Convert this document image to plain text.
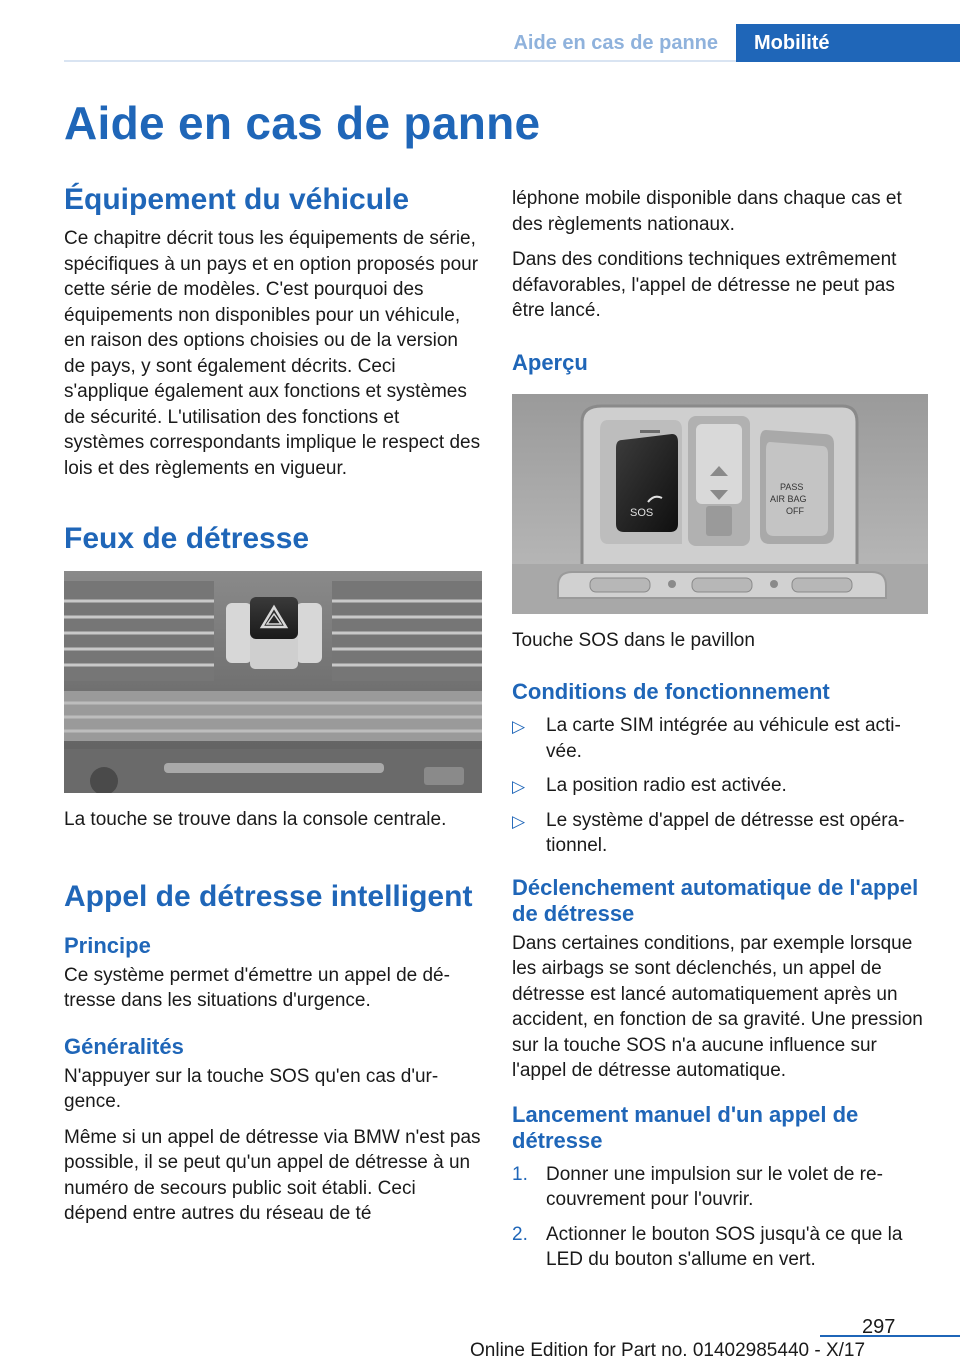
Aide en cas de panne	Mobilité
Aide en cas de panne
Équipement du véhicule

Ce chapitre décrit tous les équipements de série, spécifiques à un pays et en option proposés pour cette série de modèles. C'est pourquoi des équipements non disponibles pour un véhicule, en raison des options choisies ou de la version de pays, y sont également décrits. Ceci s'applique également aux fonctions et systèmes de sécurité. L'utilisation des fonctions et systèmes correspondants implique le respect des lois et des règlements en vigueur.

Feux de détresse

La touche se trouve dans la console centrale.

Appel de détresse intelligent
Principe

Ce système permet d'émettre un appel de détresse dans les situations d'urgence.

Généralités

N'appuyer sur la touche SOS qu'en cas d'urgence.

Même si un appel de détresse via BMW n'est pas possible, il se peut qu'un appel de détresse à un numéro de secours public soit établi. Ceci dépend entre autres du réseau de té

léphone mobile disponible dans chaque cas et des règlements nationaux.

Dans des conditions techniques extrêmement défavorables, l'appel de détresse ne peut pas être lancé.

Aperçu
SOS
PASS
AIR BAG
OFF

Touche SOS dans le pavillon

Conditions de fonctionnement
▷ La carte SIM intégrée au véhicule est activée.
▷ La position radio est activée.
▷ Le système d'appel de détresse est opérationnel.
Déclenchement automatique de l'appel de détresse

Dans certaines conditions, par exemple lorsque les airbags se sont déclenchés, un appel de détresse est lancé automatiquement après un accident, en fonction de sa gravité. Une pression sur la touche SOS n'a aucune influence sur l'appel de détresse automatique.

Lancement manuel d'un appel de détresse
1. Donner une impulsion sur le volet de recouvrement pour l'ouvrir.
2. Actionner le bouton SOS jusqu'à ce que la LED du bouton s'allume en vert.
297
Online Edition for Part no. 01402985440 - X/17
